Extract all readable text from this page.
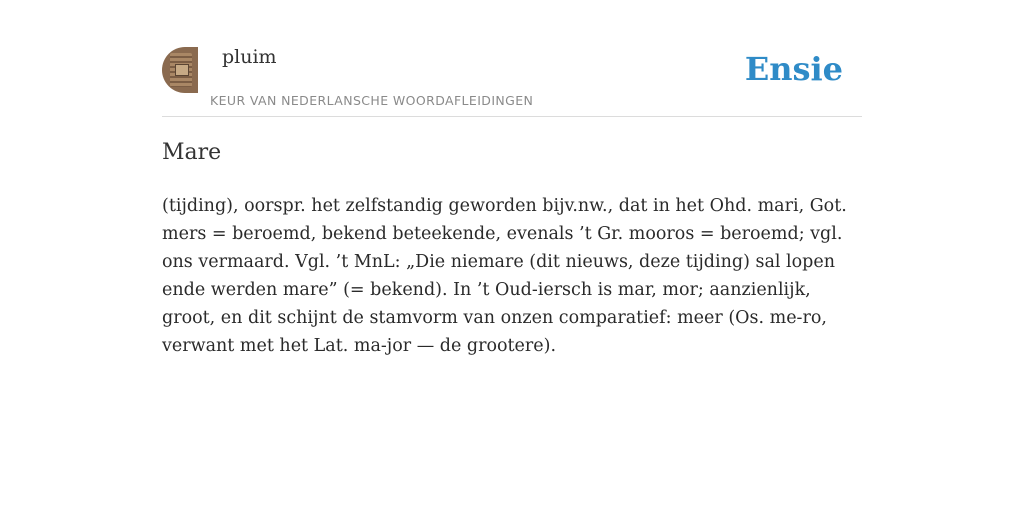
pluim
KEUR VAN NEDERLANSCHE WOORDAFLEIDINGEN
Ensie
Mare

(tijding), oorspr. het zelfstandig geworden bijv.nw., dat in het Ohd. mari, Got. mers = beroemd, bekend beteekende, evenals ’t Gr. mooros = beroemd; vgl. ons vermaard. Vgl. ’t MnL: „Die niemare (dit nieuws, deze tijding) sal lopen ende werden mare” (= bekend). In ’t Oud-iersch is mar, mor; aanzienlijk, groot, en dit schijnt de stamvorm van onzen comparatief: meer (Os. me-ro, verwant met het Lat. ma-jor — de grootere).
